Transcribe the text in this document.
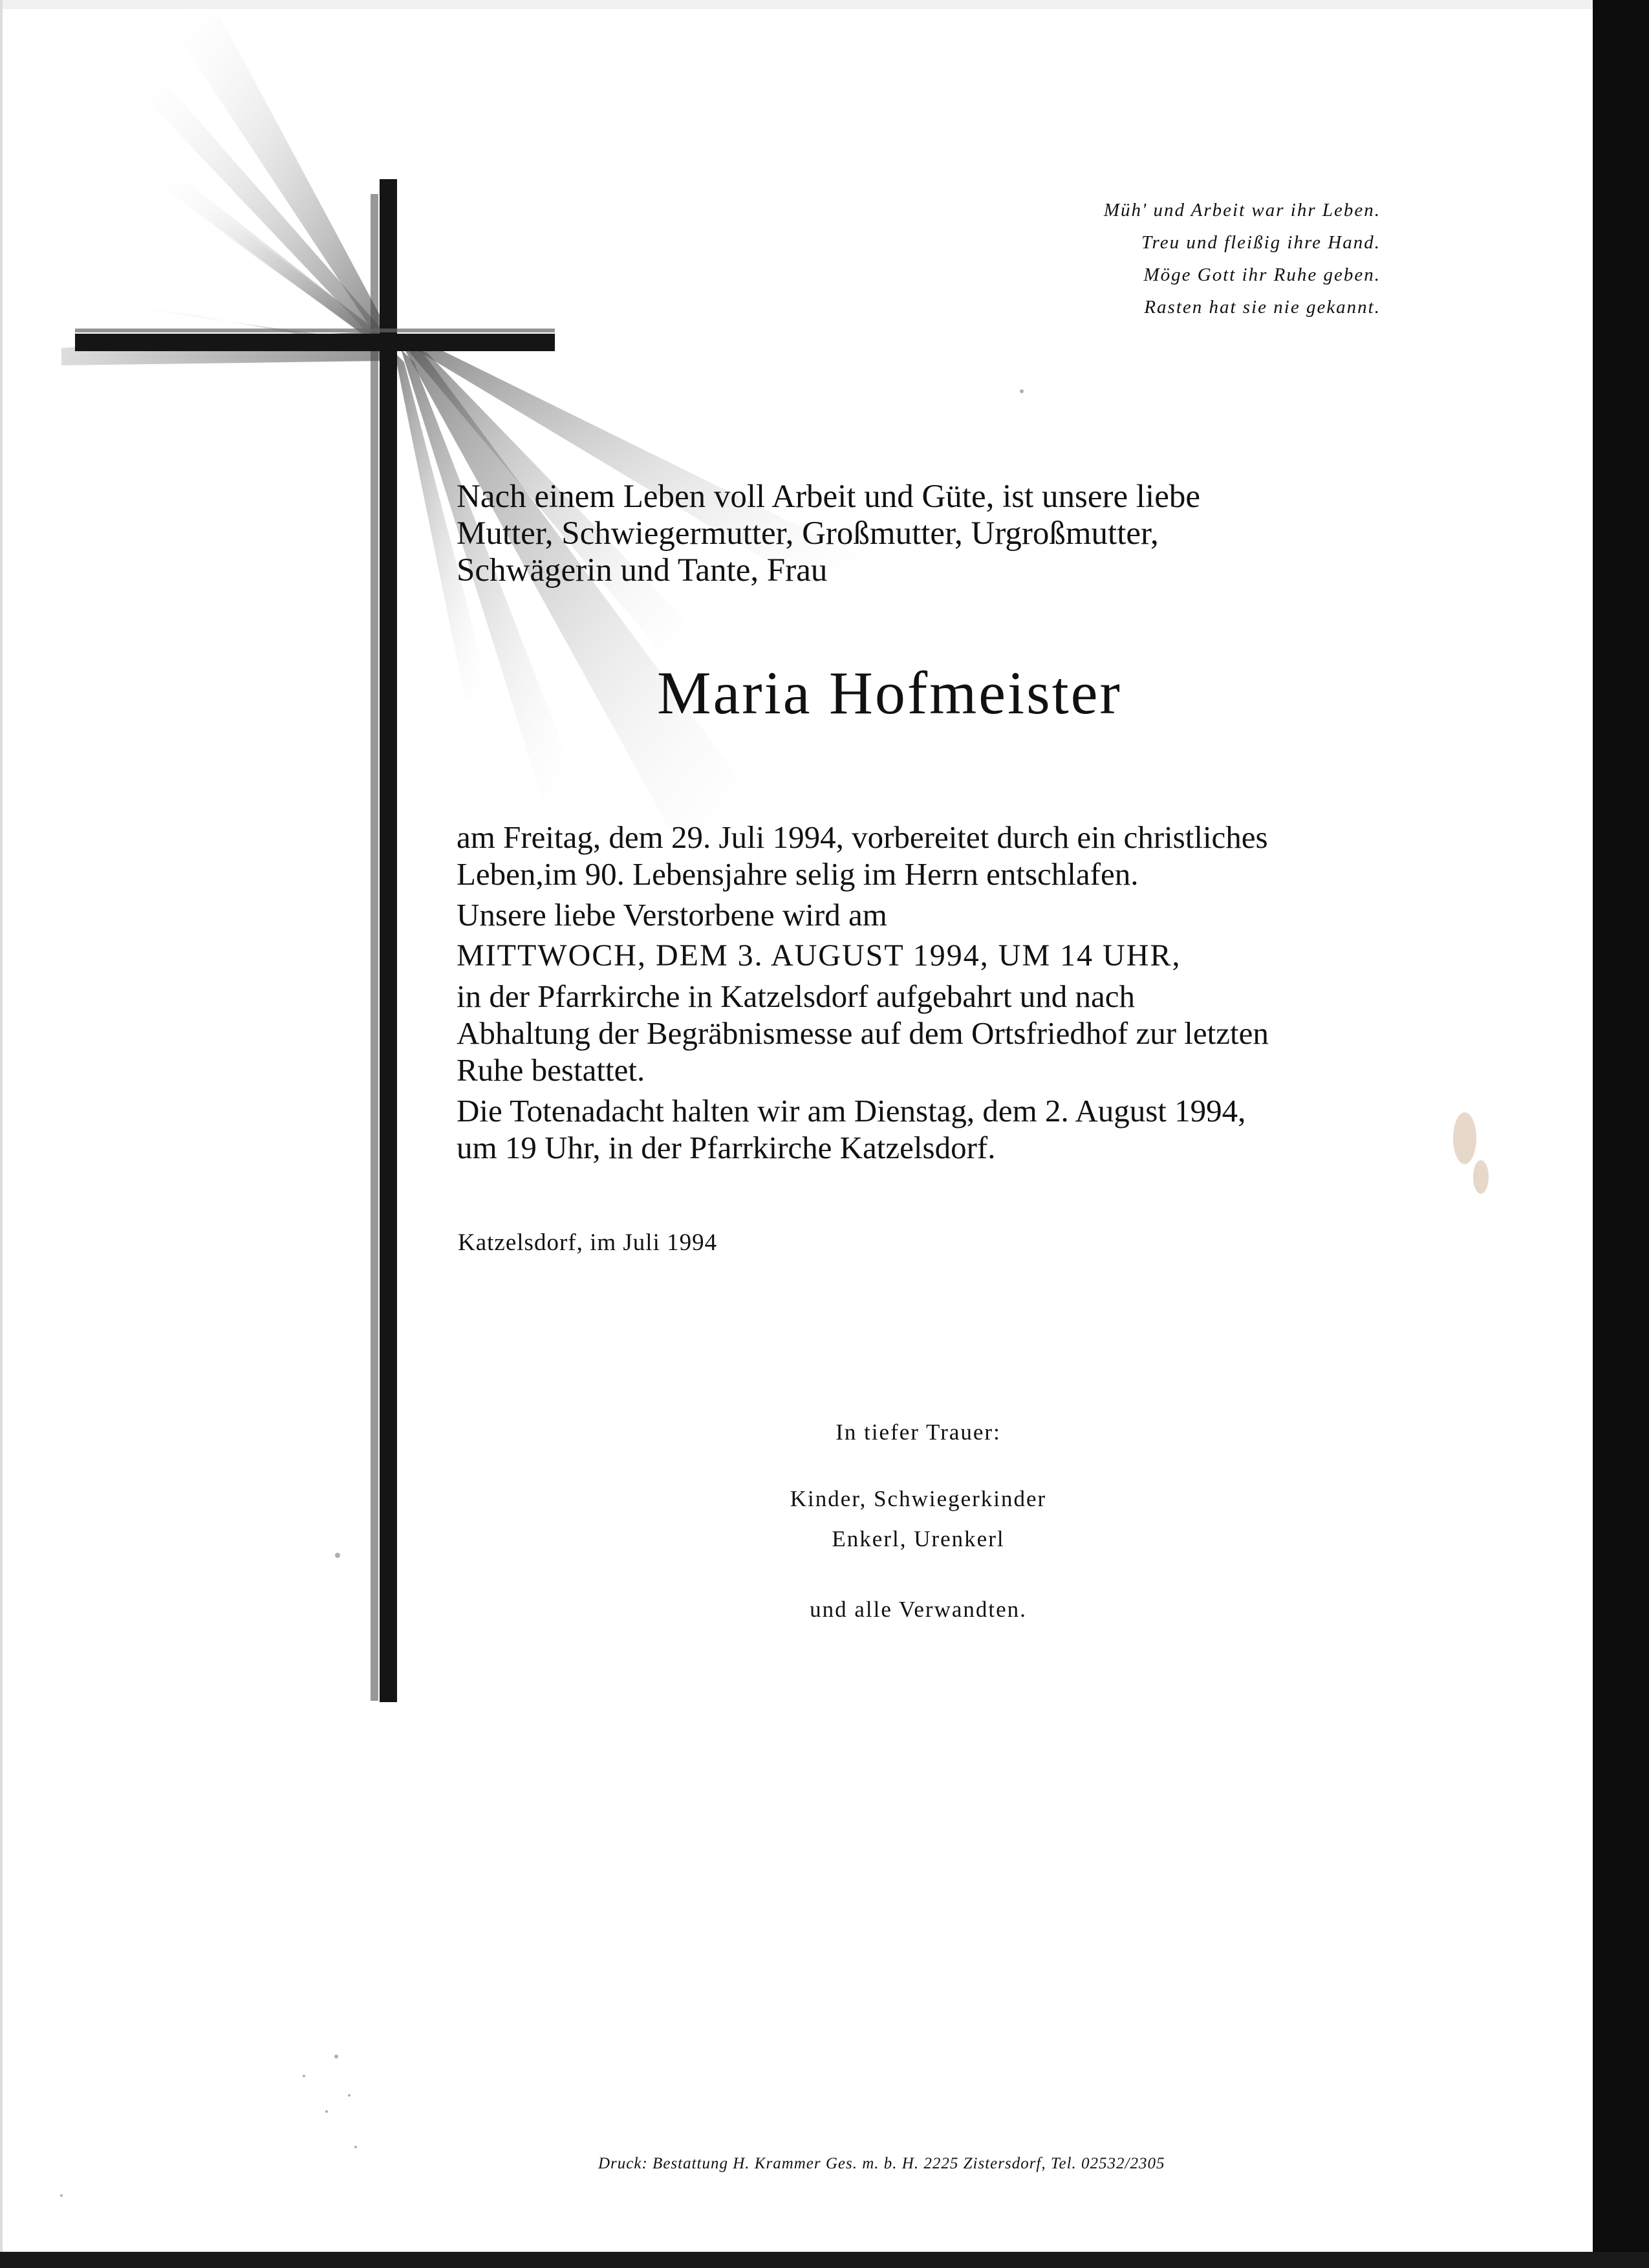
Müh' und Arbeit war ihr Leben.
Treu und fleißig ihre Hand.
Möge Gott ihr Ruhe geben.
Rasten hat sie nie gekannt.
Nach einem Leben voll Arbeit und Güte, ist unsere liebe
Mutter, Schwiegermutter, Großmutter, Urgroßmutter,
Schwägerin und Tante, Frau
Maria Hofmeister
am Freitag, dem 29. Juli 1994, vorbereitet durch ein christliches
Leben,im 90. Lebensjahre selig im Herrn entschlafen.
Unsere liebe Verstorbene wird am
MITTWOCH, DEM 3. AUGUST 1994, UM 14 UHR,
in der Pfarrkirche in Katzelsdorf aufgebahrt und nach
Abhaltung der Begräbnismesse auf dem Ortsfriedhof zur letzten
Ruhe bestattet.
Die Totenadacht halten wir am Dienstag, dem 2. August 1994,
um 19 Uhr, in der Pfarrkirche Katzelsdorf.
Katzelsdorf, im Juli 1994
In tiefer Trauer:
Kinder, Schwiegerkinder
Enkerl, Urenkerl
und alle Verwandten.
Druck: Bestattung H. Krammer Ges. m. b. H. 2225 Zistersdorf, Tel. 02532/2305
